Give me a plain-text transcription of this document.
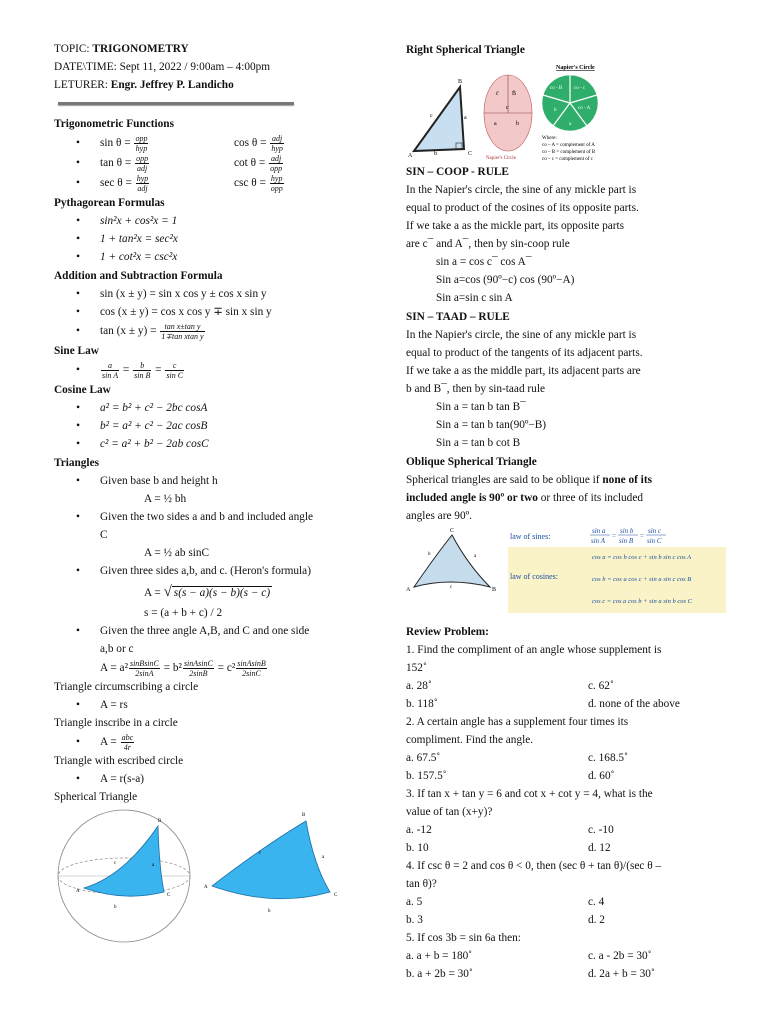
TOPIC: TRIGONOMETRY
DATE\TIME: Sept 11, 2022 / 9:00am – 4:00pm
LETURER: Engr. Jeffrey P. Landicho
Trigonometric Functions
• $\sin \theta = \frac{\text{opp}}{\text{hyp}}$	$\cos \theta = \frac{\text{adj}}{\text{hyp}}$
• $\tan \theta = \frac{\text{opp}}{\text{adj}}$	$\cot \theta = \frac{\text{adj}}{\text{opp}}$
• $\sec \theta = \frac{\text{hyp}}{\text{adj}}$	$\csc \theta = \frac{\text{hyp}}{\text{opp}}$
Pythagorean Formulas
• sin²x + cos²x = 1
• 1 + tan²x = sec²x
• 1 + cot²x = csc²x
Addition and Subtraction Formula
• sin (x ± y) = sin x cos y ± cos x sin y
• cos (x ± y) = cos x cos y ∓ sin x sin y
• $\tan (x \pm y) = \frac{\text{tan x±tan y}}{\text{1∓tan xtan y}}$
Sine Law
• $\frac{a}{\text{sin A}} = \frac{b}{\text{sin B}} = \frac{c}{\text{sin C}}$
Cosine Law
• a² = b² + c² − 2bc cosA
• b² = a² + c² − 2ac cosB
• c² = a² + b² − 2ab cosC
Triangles
• Given base b and height h
A = ½ bh
• Given the two sides a and b and included angle
C
A = ½ ab sinC
• Given three sides a,b, and c. (Heron's formula)
A = √ s(s − a)(s − b)(s − c)
s = (a + b + c) / 2
• Given the three angle A,B, and C and one side
a,b or c
$A = a^2 \frac{\text{sinBsinC}}{2\sin A} = b^2 \frac{\text{sinAsinC}}{2\sin B} = c^2 \frac{\text{sinAsinB}}{2\sin C}$
Triangle circumscribing a circle
• A = rs
Triangle inscribe in a circle
• $A = \frac{\text{abc}}{4r}$
Triangle with escribed circle
• A = r(s-a)
Spherical Triangle
A
B
C
b
c	a
A
B
C
b
c
a
Right Spherical Triangle
A
B
C
a
b
c
c̄ B̄
c
a	b
Napier's Circle
Napier's Circle
co - B co - c
co - A
a
b
Where:
co – A = complement of A
co – B = complement of B
co – c = complement of c
SIN – COOP - RULE
In the Napier's circle, the sine of any mickle part is
equal to product of the cosines of its opposite parts.
If we take a as the mickle part, its opposite parts
are c¯ and A¯, then by sin-coop rule
sin a = cos c¯ cos A¯
Sin a=cos (90º−c) cos (90º−A)
Sin a=sin c sin A
SIN – TAAD – RULE
In the Napier's circle, the sine of any mickle part is
equal to product of the tangents of its adjacent parts.
If we take a as the middle part, its adjacent parts are
b and B¯, then by sin-taad rule
Sin a = tan b tan B¯
Sin a = tan b tan(90º−B)
Sin a = tan b cot B
Oblique Spherical Triangle
Spherical triangles are said to be oblique if none of its
included angle is 90º or two or three of its included
angles are 90º.
A
C
B
b	a
c
law of sines:
sin a
sin A
=
sin b
sin B
=
sin c
sin C
law of cosines:
cos a = cos b cos c + sin b sin c cos A
cos b = cos a cos c + sin a sin c cos B
cos c = cos a cos b + sin a sin b cos C
Review Problem:
1. Find the compliment of an angle whose supplement is
152˚
a. 28˚	c. 62˚
b. 118˚	d. none of the above
2. A certain angle has a supplement four times its
compliment. Find the angle.
a. 67.5˚	c. 168.5˚
b. 157.5˚	d. 60˚
3. If tan x + tan y = 6 and cot x + cot y = 4, what is the
value of tan (x+y)?
a. -12	c. -10
b. 10	d. 12
4. If csc θ = 2 and cos θ < 0, then (sec θ + tan θ)/(sec θ –
tan θ)?
a. 5	c. 4
b. 3	d. 2
5. If cos 3b = sin 6a then:
a. a + b = 180˚	c. a - 2b = 30˚
b. a + 2b = 30˚	d. 2a + b = 30˚
